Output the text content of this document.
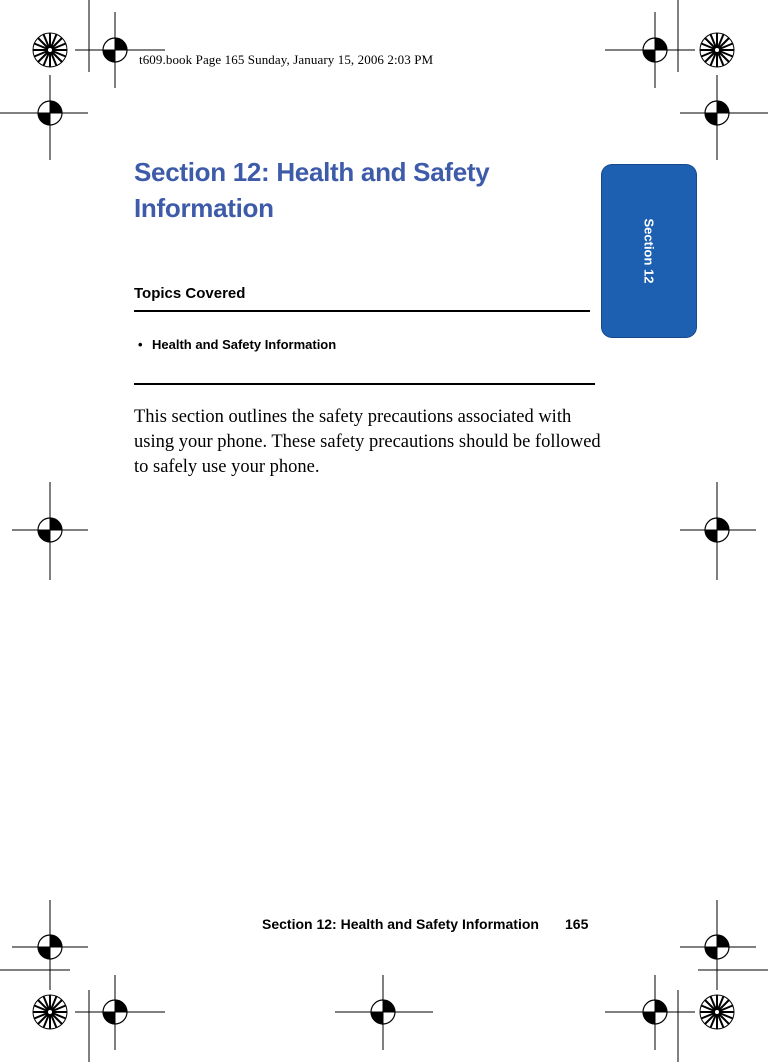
t609.book Page 165 Sunday, January 15, 2006 2:03 PM
Section 12: Health and Safety Information
Topics Covered
• Health and Safety Information

This section outlines the safety precautions associated with using your phone. These safety precautions should be followed to safely use your phone.

Section 12
Section 12: Health and Safety Information 165
